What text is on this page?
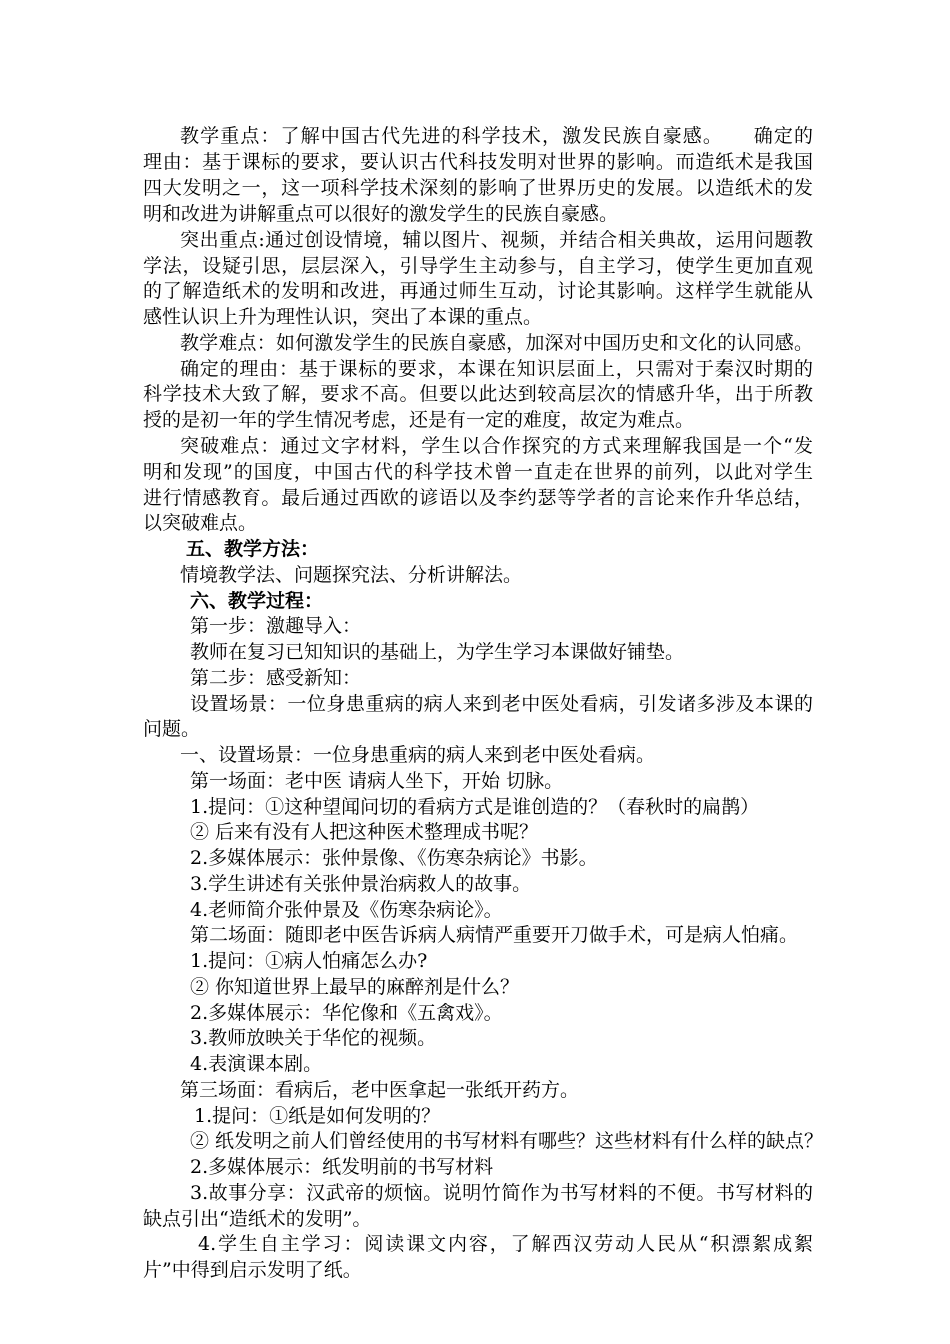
教学重点：了解中国古代先进的科学技术，激发民族自豪感。　　确定的
理由：基于课标的要求，要认识古代科技发明对世界的影响。而造纸术是我国
四大发明之一，这一项科学技术深刻的影响了世界历史的发展。以造纸术的发
明和改进为讲解重点可以很好的激发学生的民族自豪感。
突出重点:通过创设情境，辅以图片、视频，并结合相关典故，运用问题教
学法，设疑引思，层层深入，引导学生主动参与，自主学习，使学生更加直观
的了解造纸术的发明和改进，再通过师生互动，讨论其影响。这样学生就能从
感性认识上升为理性认识，突出了本课的重点。
教学难点：如何激发学生的民族自豪感，加深对中国历史和文化的认同感。
确定的理由：基于课标的要求，本课在知识层面上，只需对于秦汉时期的
科学技术大致了解，要求不高。但要以此达到较高层次的情感升华，出于所教
授的是初一年的学生情况考虑，还是有一定的难度，故定为难点。
突破难点：通过文字材料，学生以合作探究的方式来理解我国是一个“发
明和发现”的国度，中国古代的科学技术曾一直走在世界的前列，以此对学生
进行情感教育。最后通过西欧的谚语以及李约瑟等学者的言论来作升华总结，
以突破难点。
五、教学方法：
情境教学法、问题探究法、分析讲解法。
六、教学过程：
第一步：激趣导入：
教师在复习已知知识的基础上，为学生学习本课做好铺垫。
第二步：感受新知：
设置场景：一位身患重病的病人来到老中医处看病，引发诸多涉及本课的
问题。
一、设置场景：一位身患重病的病人来到老中医处看病。
第一场面：老中医 请病人坐下，开始 切脉。
1.提问：①这种望闻问切的看病方式是谁创造的？（春秋时的扁鹊）
② 后来有没有人把这种医术整理成书呢？
2.多媒体展示：张仲景像、《伤寒杂病论》书影。
3.学生讲述有关张仲景治病救人的故事。
4.老师简介张仲景及《伤寒杂病论》。
第二场面：随即老中医告诉病人病情严重要开刀做手术，可是病人怕痛。
1.提问：①病人怕痛怎么办?
② 你知道世界上最早的麻醉剂是什么？
2.多媒体展示：华佗像和《五禽戏》。
3.教师放映关于华佗的视频。
4.表演课本剧。
第三场面：看病后，老中医拿起一张纸开药方。
1.提问：①纸是如何发明的？
② 纸发明之前人们曾经使用的书写材料有哪些？这些材料有什么样的缺点？
2.多媒体展示：纸发明前的书写材料
3.故事分享：汉武帝的烦恼。说明竹简作为书写材料的不便。书写材料的
缺点引出“造纸术的发明”。
4.学生自主学习：阅读课文内容，了解西汉劳动人民从“积漂絮成絮
片”中得到启示发明了纸。
